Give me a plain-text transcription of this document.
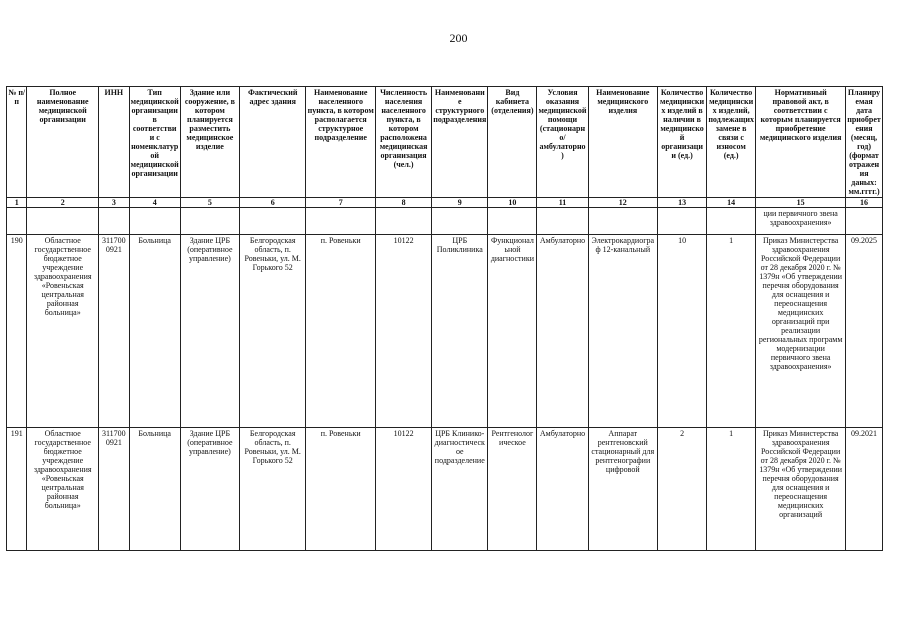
200
№ п/п	Полное наименование медицинской организации	ИНН	Тип медицинской организации в соответствии с номенклатурой медицинской организации	Здание или сооружение, в котором планируется разместить медицинское изделие	Фактический адрес здания	Наименование населенного пункта, в котором располагается структурное подразделение	Численность населения населенного пункта, в котором расположена медицинская организация (чел.)	Наименование структурного подразделения	Вид кабинета (отделения)	Условия оказания медицинской помощи (стационарно/ амбулаторно)	Наименование медицинского изделия	Количество медицинских изделий в наличии в медицинской организации (ед.)	Количество медицинских изделий, подлежащих замене в связи с износом (ед.)	Нормативный правовой акт, в соответствии с которым планируется приобретение медицинского изделия	Планируемая дата приобретения (месяц, год) (формат отражения даных: мм.гггг.)
1	2	3	4	5	6	7	8	9	10	11	12	13	14	15	16
														ции первичного звена здравоохранения»	
190	Областное государственное бюджетное учреждение здравоохранения «Ровеньская центральная районная больница»	3117000921	Больница	Здание ЦРБ (оперативное управление)	Белгородская область, п. Ровеньки, ул. М. Горького 52	п. Ровеньки	10122	ЦРБ Поликлиника	Функциональной диагностики	Амбулаторно	Электрокардиограф 12-канальный	10	1	Приказ Министерства здравоохранения Российской Федерации от 28 декабря 2020 г. № 1379н «Об утверждении перечня оборудования для оснащения и переоснащения медицинских организаций при реализации региональных программ модернизации первичного звена здравоохранения»	09.2025
191	Областное государственное бюджетное учреждение здравоохранения «Ровеньская центральная районная больница»	3117000921	Больница	Здание ЦРБ (оперативное управление)	Белгородская область, п. Ровеньки, ул. М. Горького 52	п. Ровеньки	10122	ЦРБ Клинико-диагностическое подразделение	Рентгенологическое	Амбулаторно	Аппарат рентгеновский стационарный для рентгенографии цифровой	2	1	Приказ Министерства здравоохранения Российской Федерации от 28 декабря 2020 г. № 1379н «Об утверждении перечня оборудования для оснащения и переоснащения медицинских организаций	09.2021
